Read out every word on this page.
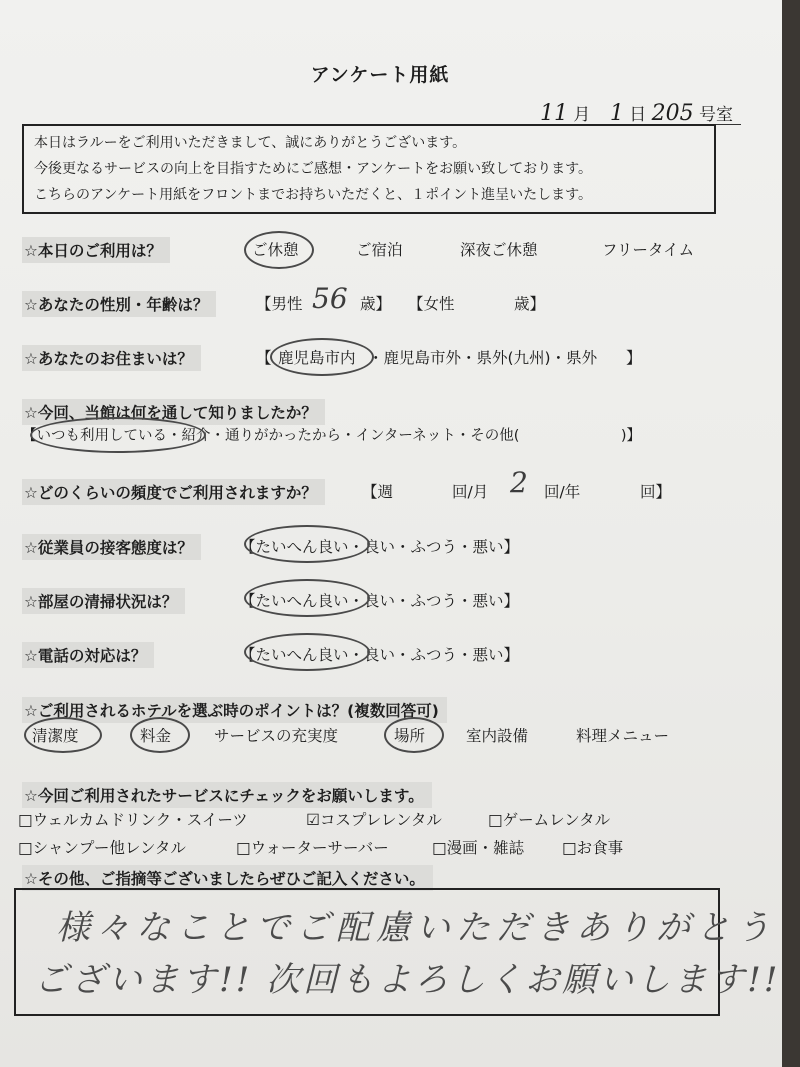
アンケート用紙
11 月 1 日 205 号室
本日はラルーをご利用いただきまして、誠にありがとうございます。
今後更なるサービスの向上を目指すためにご感想・アンケートをお願い致しております。
こちらのアンケート用紙をフロントまでお持ちいただくと、１ポイント進呈いたします。
☆本日のご利用は？	ご休憩	ご宿泊	深夜ご休憩	フリータイム
☆あなたの性別・年齢は？	【男性 56 歳】 【女性	歳】
☆あなたのお住まいは？	【 鹿児島市内 ・鹿児島市外・県外(九州)・県外 】
☆今回、当館は何を通して知りましたか？
【いつも利用している・紹介・通りがかったから・インターネット・その他(　　　　　　　)】
☆どのくらいの頻度でご利用されますか？	【週	回/月 2 回/年	回】
☆従業員の接客態度は？	【たいへん良い・良い・ふつう・悪い】
☆部屋の清掃状況は？	【たいへん良い・良い・ふつう・悪い】
☆電話の対応は？	【たいへん良い・良い・ふつう・悪い】
☆ご利用されるホテルを選ぶ時のポイントは？(複数回答可)
清潔度	料金	サービスの充実度	場所	室内設備	料理メニュー
☆今回ご利用されたサービスにチェックをお願いします。
□ウェルカムドリンク・スイーツ	☑コスプレレンタル	□ゲームレンタル
□シャンプー他レンタル	□ウォーターサーバー	□漫画・雑誌 □お食事
☆その他、ご指摘等ございましたらぜひご記入ください。
様々なことでご配慮いただきありがとう
ございます!! 次回もよろしくお願いします!!
